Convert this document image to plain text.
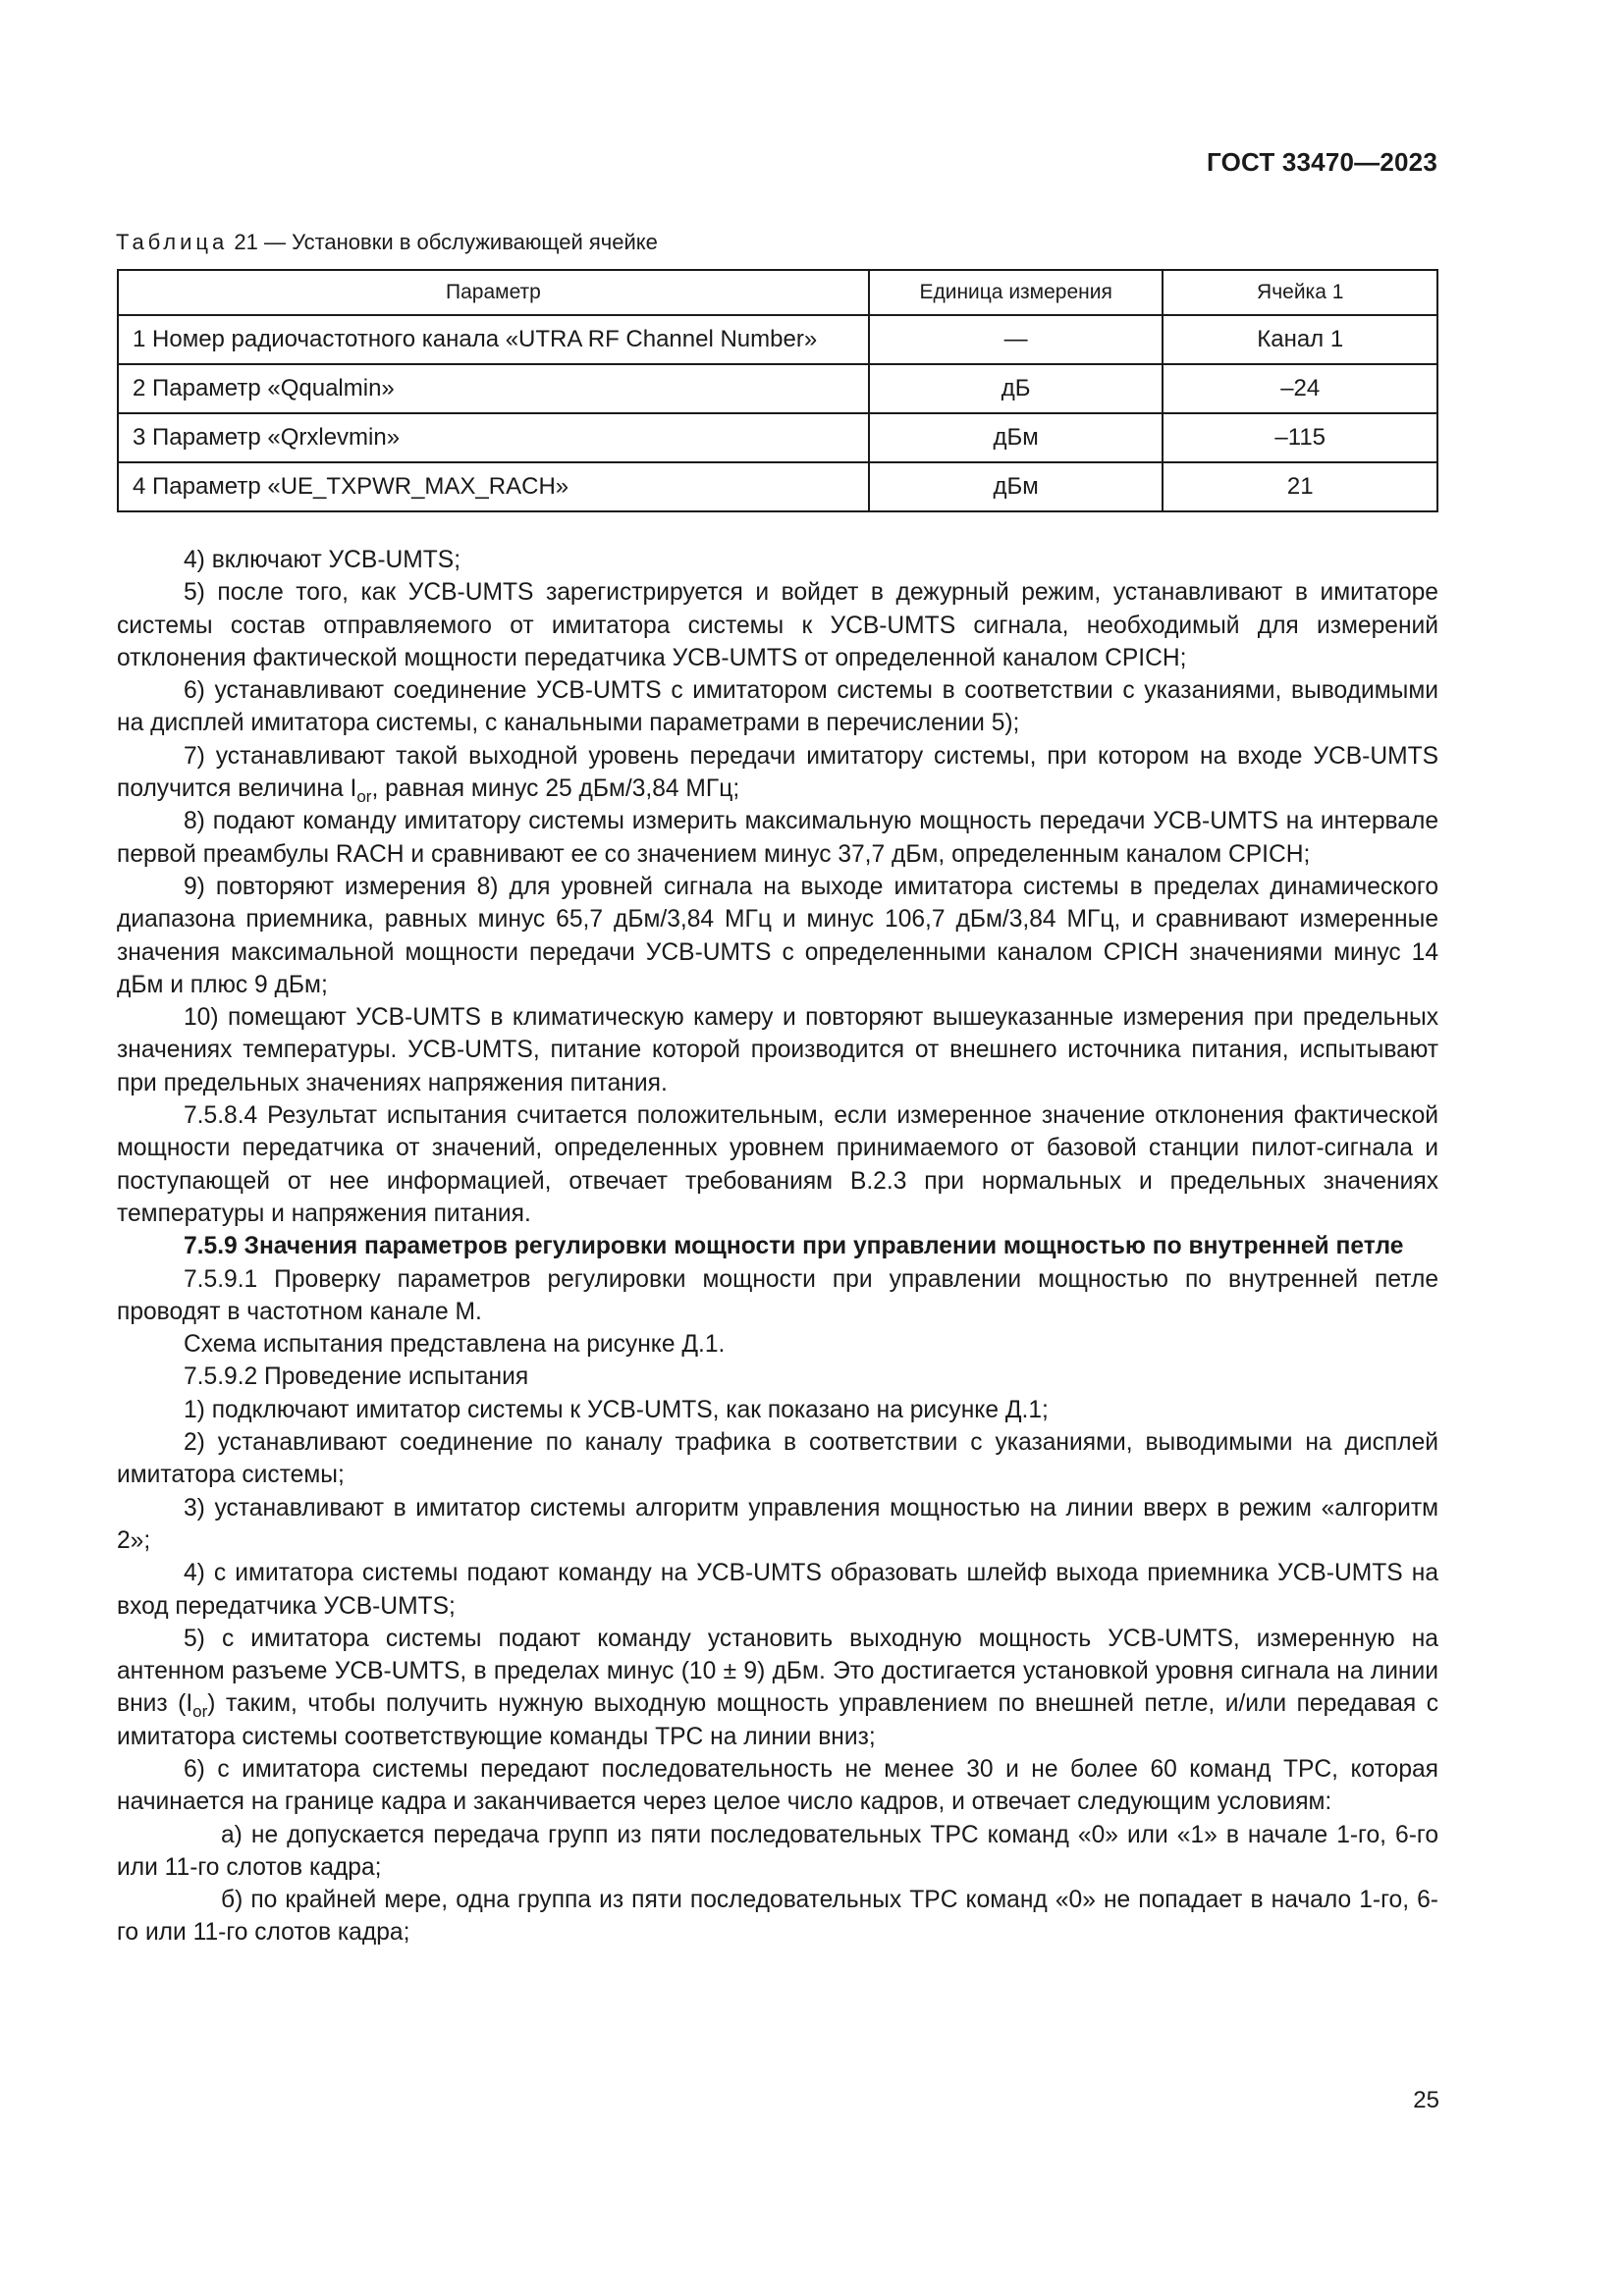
ГОСТ 33470—2023
Таблица 21 — Установки в обслуживающей ячейке
Параметр	Единица измерения	Ячейка 1
1 Номер радиочастотного канала «UTRA RF Channel Number»	—	Канал 1
2 Параметр «Qqualmin»	дБ	–24
3 Параметр «Qrxlevmin»	дБм	–115
4 Параметр «UE_TXPWR_MAX_RACH»	дБм	21

4) включают УСВ-UMTS;

5) после того, как УСВ-UMTS зарегистрируется и войдет в дежурный режим, устанавливают в имитаторе системы состав отправляемого от имитатора системы к УСВ-UMTS сигнала, необходимый для измерений отклонения фактической мощности передатчика УСВ-UMTS от определенной каналом CPICH;

6) устанавливают соединение УСВ-UMTS с имитатором системы в соответствии с указаниями, выводимыми на дисплей имитатора системы, с канальными параметрами в перечислении 5);

7) устанавливают такой выходной уровень передачи имитатору системы, при котором на входе УСВ-UMTS получится величина $I_{or}$, равная минус 25 дБм/3,84 МГц;

8) подают команду имитатору системы измерить максимальную мощность передачи УСВ-UMTS на интервале первой преамбулы RACH и сравнивают ее со значением минус 37,7 дБм, определенным каналом CPICH;

9) повторяют измерения 8) для уровней сигнала на выходе имитатора системы в пределах динамического диапазона приемника, равных минус 65,7 дБм/3,84 МГц и минус 106,7 дБм/3,84 МГц, и сравнивают измеренные значения максимальной мощности передачи УСВ-UMTS с определенными каналом CPICH значениями минус 14 дБм и плюс 9 дБм;

10) помещают УСВ-UMTS в климатическую камеру и повторяют вышеуказанные измерения при предельных значениях температуры. УСВ-UMTS, питание которой производится от внешнего источника питания, испытывают при предельных значениях напряжения питания.

7.5.8.4 Результат испытания считается положительным, если измеренное значение отклонения фактической мощности передатчика от значений, определенных уровнем принимаемого от базовой станции пилот-сигнала и поступающей от нее информацией, отвечает требованиям В.2.3 при нормальных и предельных значениях температуры и напряжения питания.

7.5.9 Значения параметров регулировки мощности при управлении мощностью по внутренней петле

7.5.9.1 Проверку параметров регулировки мощности при управлении мощностью по внутренней петле проводят в частотном канале М.

Схема испытания представлена на рисунке Д.1.

7.5.9.2 Проведение испытания

1) подключают имитатор системы к УСВ-UMTS, как показано на рисунке Д.1;

2) устанавливают соединение по каналу трафика в соответствии с указаниями, выводимыми на дисплей имитатора системы;

3) устанавливают в имитатор системы алгоритм управления мощностью на линии вверх в режим «алгоритм 2»;

4) с имитатора системы подают команду на УСВ-UMTS образовать шлейф выхода приемника УСВ-UMTS на вход передатчика УСВ-UMTS;

5) с имитатора системы подают команду установить выходную мощность УСВ-UMTS, измеренную на антенном разъеме УСВ-UMTS, в пределах минус (10 ± 9) дБм. Это достигается установкой уровня сигнала на линии вниз $(I_{or})$ таким, чтобы получить нужную выходную мощность управлением по внешней петле, и/или передавая с имитатора системы соответствующие команды TPC на линии вниз;

6) с имитатора системы передают последовательность не менее 30 и не более 60 команд TPC, которая начинается на границе кадра и заканчивается через целое число кадров, и отвечает следующим условиям:

а) не допускается передача групп из пяти последовательных TPC команд «0» или «1» в начале 1-го, 6-го или 11-го слотов кадра;

б) по крайней мере, одна группа из пяти последовательных TPC команд «0» не попадает в начало 1-го, 6-го или 11-го слотов кадра;

25
